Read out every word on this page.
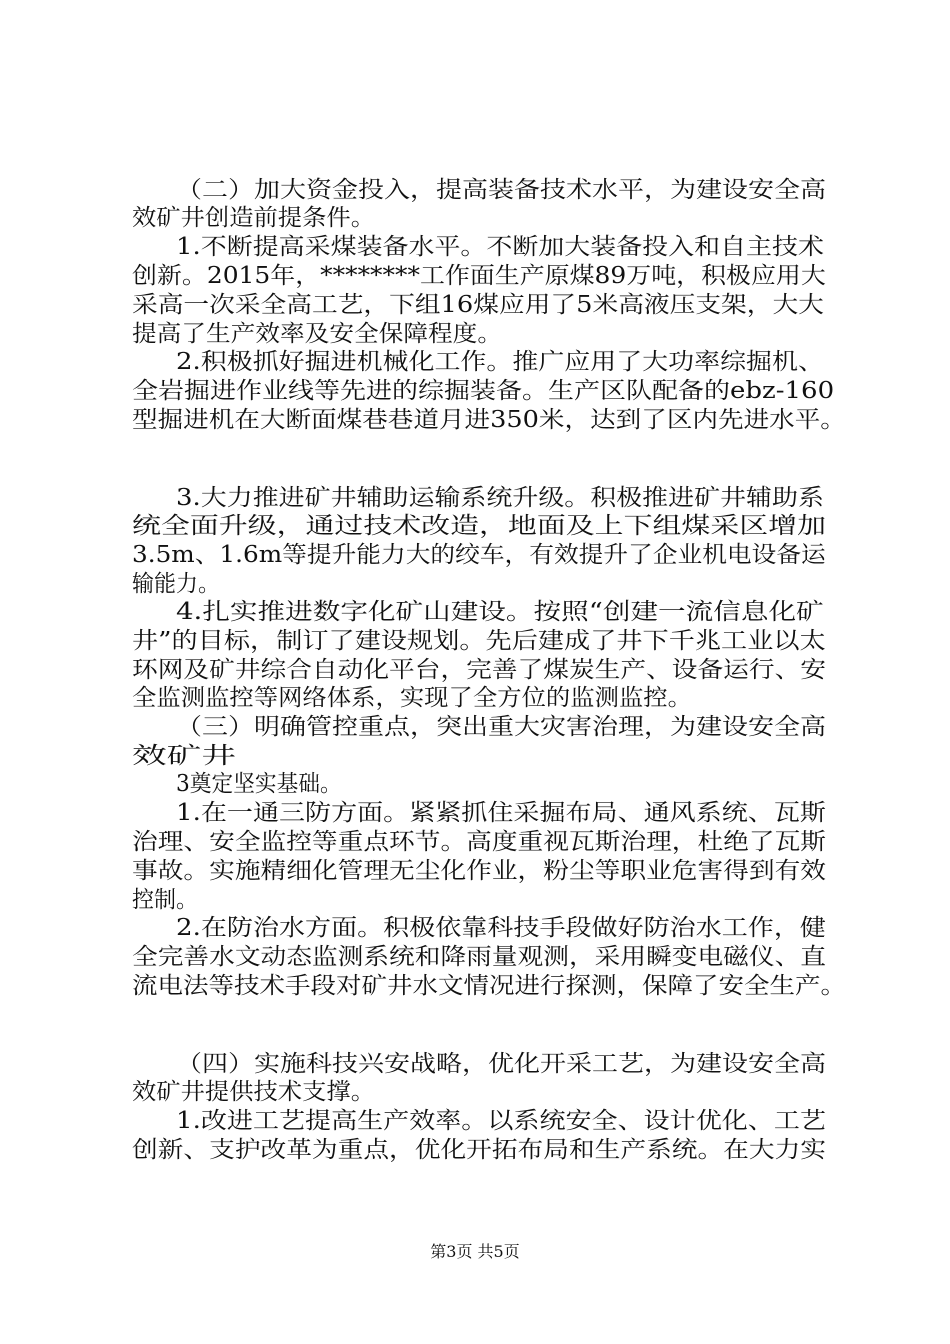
（二）加大资金投入，提高装备技术水平，为建设安全高
效矿井创造前提条件。
1.不断提高采煤装备水平。不断加大装备投入和自主技术
创新。2015年，********工作面生产原煤89万吨，积极应用大
采高一次采全高工艺，下组16煤应用了5米高液压支架，大大
提高了生产效率及安全保障程度。
2.积极抓好掘进机械化工作。推广应用了大功率综掘机、
全岩掘进作业线等先进的综掘装备。生产区队配备的ebz-160
型掘进机在大断面煤巷巷道月进350米，达到了区内先进水平。
3.大力推进矿井辅助运输系统升级。积极推进矿井辅助系
统全面升级，通过技术改造，地面及上下组煤采区增加
3.5m、1.6m等提升能力大的绞车，有效提升了企业机电设备运
输能力。
4.扎实推进数字化矿山建设。按照“创建一流信息化矿
井”的目标，制订了建设规划。先后建成了井下千兆工业以太
环网及矿井综合自动化平台，完善了煤炭生产、设备运行、安
全监测监控等网络体系，实现了全方位的监测监控。
（三）明确管控重点，突出重大灾害治理，为建设安全高
效矿井
3奠定坚实基础。
1.在一通三防方面。紧紧抓住采掘布局、通风系统、瓦斯
治理、安全监控等重点环节。高度重视瓦斯治理，杜绝了瓦斯
事故。实施精细化管理无尘化作业，粉尘等职业危害得到有效
控制。
2.在防治水方面。积极依靠科技手段做好防治水工作，健
全完善水文动态监测系统和降雨量观测，采用瞬变电磁仪、直
流电法等技术手段对矿井水文情况进行探测，保障了安全生产。
（四）实施科技兴安战略，优化开采工艺，为建设安全高
效矿井提供技术支撑。
1.改进工艺提高生产效率。以系统安全、设计优化、工艺
创新、支护改革为重点，优化开拓布局和生产系统。在大力实
第3页 共5页
